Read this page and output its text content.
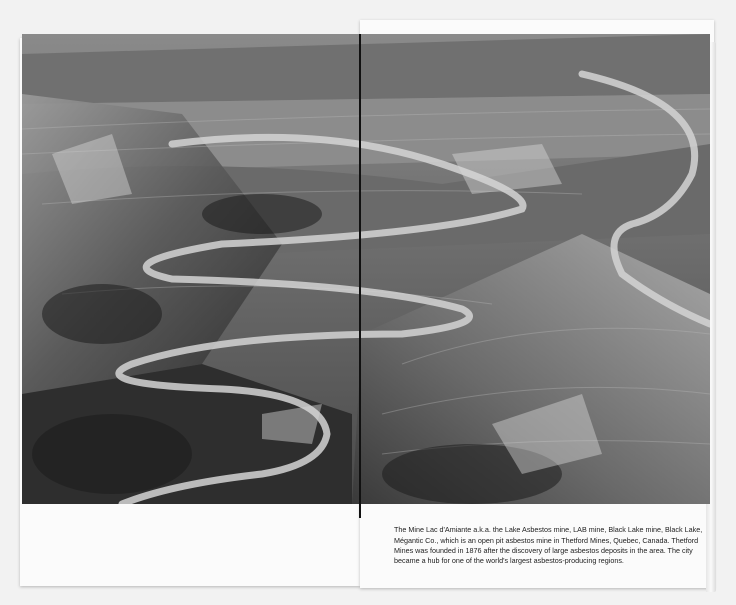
The Mine Lac d'Amiante a.k.a. the Lake Asbestos mine, LAB mine, Black Lake mine, Black Lake, Mégantic Co., which is an open pit asbestos mine in Thetford Mines, Quebec, Canada. Thetford Mines was founded in 1876 after the discovery of large asbestos deposits in the area. The city became a hub for one of the world's largest asbestos-producing regions.
